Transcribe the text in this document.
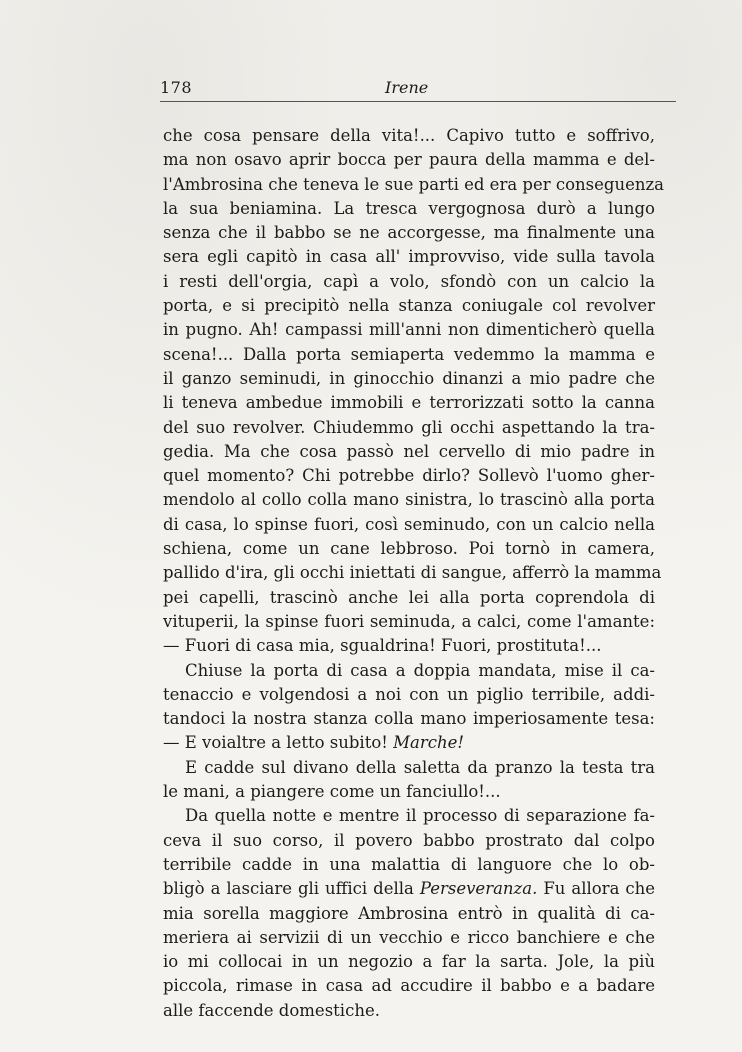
178	Irene
che cosa pensare della vita!... Capivo tutto e soffrivo,
ma non osavo aprir bocca per paura della mamma e del-
l'Ambrosina che teneva le sue parti ed era per conseguenza
la sua beniamina. La tresca vergognosa durò a lungo
senza che il babbo se ne accorgesse, ma finalmente una
sera egli capitò in casa all' improvviso, vide sulla tavola
i resti dell'orgia, capì a volo, sfondò con un calcio la
porta, e si precipitò nella stanza coniugale col revolver
in pugno. Ah! campassi mill'anni non dimenticherò quella
scena!... Dalla porta semiaperta vedemmo la mamma e
il ganzo seminudi, in ginocchio dinanzi a mio padre che
li teneva ambedue immobili e terrorizzati sotto la canna
del suo revolver. Chiudemmo gli occhi aspettando la tra-
gedia. Ma che cosa passò nel cervello di mio padre in
quel momento? Chi potrebbe dirlo? Sollevò l'uomo gher-
mendolo al collo colla mano sinistra, lo trascinò alla porta
di casa, lo spinse fuori, così seminudo, con un calcio nella
schiena, come un cane lebbroso. Poi tornò in camera,
pallido d'ira, gli occhi iniettati di sangue, afferrò la mamma
pei capelli, trascinò anche lei alla porta coprendola di
vituperii, la spinse fuori seminuda, a calci, come l'amante:
— Fuori di casa mia, sgualdrina! Fuori, prostituta!...
Chiuse la porta di casa a doppia mandata, mise il ca-
tenaccio e volgendosi a noi con un piglio terribile, addi-
tandoci la nostra stanza colla mano imperiosamente tesa:
— E voialtre a letto subito! Marche!
E cadde sul divano della saletta da pranzo la testa tra
le mani, a piangere come un fanciullo!...
Da quella notte e mentre il processo di separazione fa-
ceva il suo corso, il povero babbo prostrato dal colpo
terribile cadde in una malattia di languore che lo ob-
bligò a lasciare gli uffici della Perseveranza. Fu allora che
mia sorella maggiore Ambrosina entrò in qualità di ca-
meriera ai servizii di un vecchio e ricco banchiere e che
io mi collocai in un negozio a far la sarta. Jole, la più
piccola, rimase in casa ad accudire il babbo e a badare
alle faccende domestiche.
